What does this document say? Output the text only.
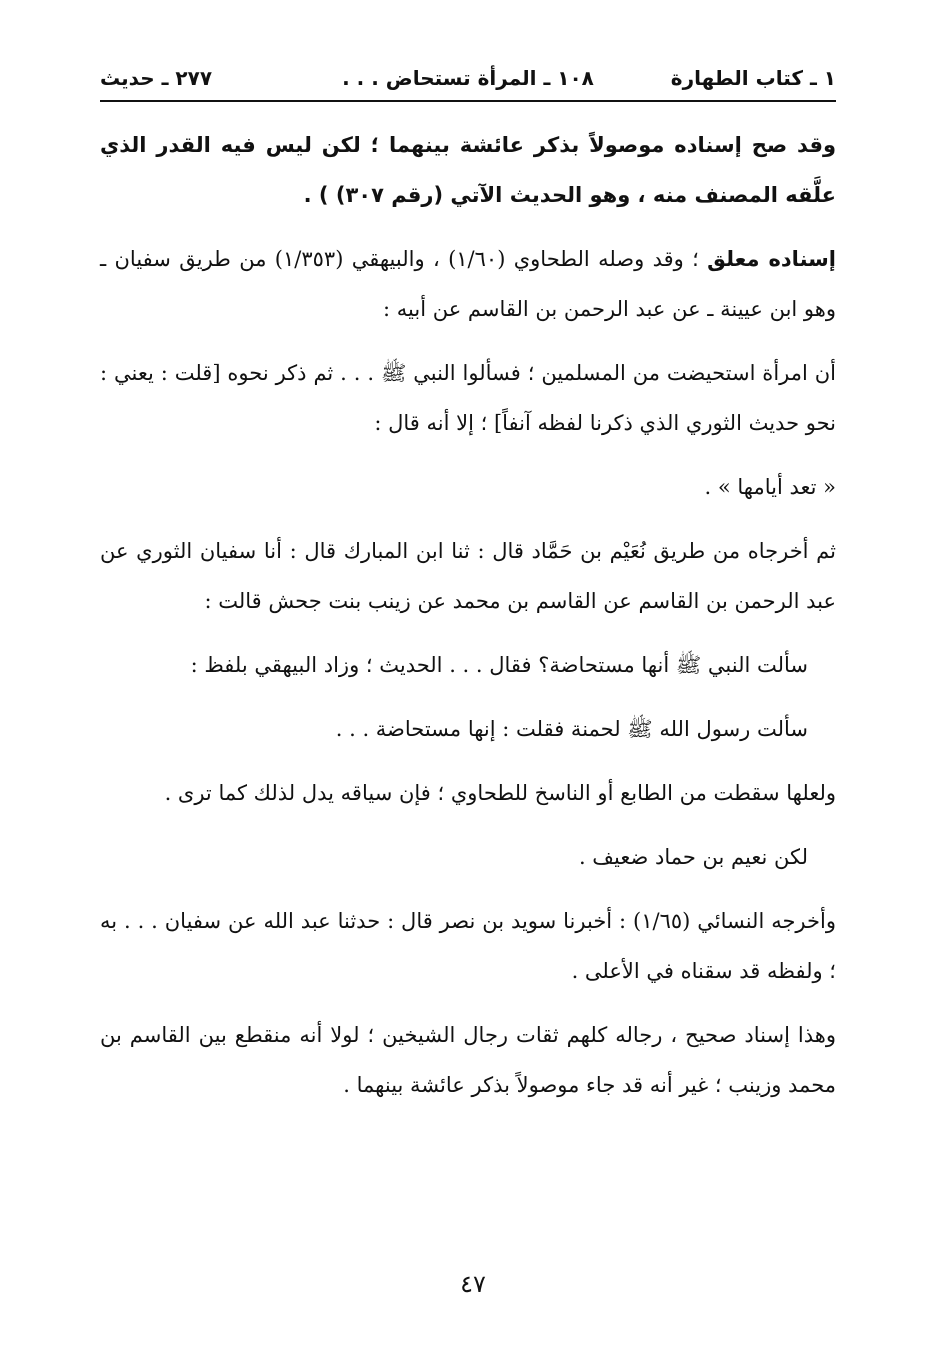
١ ـ كتاب الطهارة
١٠٨ ـ المرأة تستحاض . . .
٢٧٧ ـ حديث

وقد صح إسناده موصولاً بذكر عائشة بينهما ؛ لكن ليس فيه القدر الذي علَّقه المصنف منه ، وهو الحديث الآتي (رقم ٣٠٧) ) .

إسناده معلق ؛ وقد وصله الطحاوي (١/٦٠) ، والبيهقي (١/٣٥٣) من طريق سفيان ـ وهو ابن عيينة ـ عن عبد الرحمن بن القاسم عن أبيه :

أن امرأة استحيضت من المسلمين ؛ فسألوا النبي ﷺ . . . ثم ذكر نحوه [قلت : يعني : نحو حديث الثوري الذي ذكرنا لفظه آنفاً] ؛ إلا أنه قال :

« تعد أيامها » .

ثم أخرجاه من طريق نُعَيْم بن حَمَّاد قال : ثنا ابن المبارك قال : أنا سفيان الثوري عن عبد الرحمن بن القاسم عن القاسم بن محمد عن زينب بنت جحش قالت :

سألت النبي ﷺ أنها مستحاضة؟ فقال . . . الحديث ؛ وزاد البيهقي بلفظ :

سألت رسول الله ﷺ لحمنة فقلت : إنها مستحاضة . . .

ولعلها سقطت من الطابع أو الناسخ للطحاوي ؛ فإن سياقه يدل لذلك كما ترى .

لكن نعيم بن حماد ضعيف .

وأخرجه النسائي (١/٦٥) : أخبرنا سويد بن نصر قال : حدثنا عبد الله عن سفيان . . . به ؛ ولفظه قد سقناه في الأعلى .

وهذا إسناد صحيح ، رجاله كلهم ثقات رجال الشيخين ؛ لولا أنه منقطع بين القاسم بن محمد وزينب ؛ غير أنه قد جاء موصولاً بذكر عائشة بينهما .

٤٧
